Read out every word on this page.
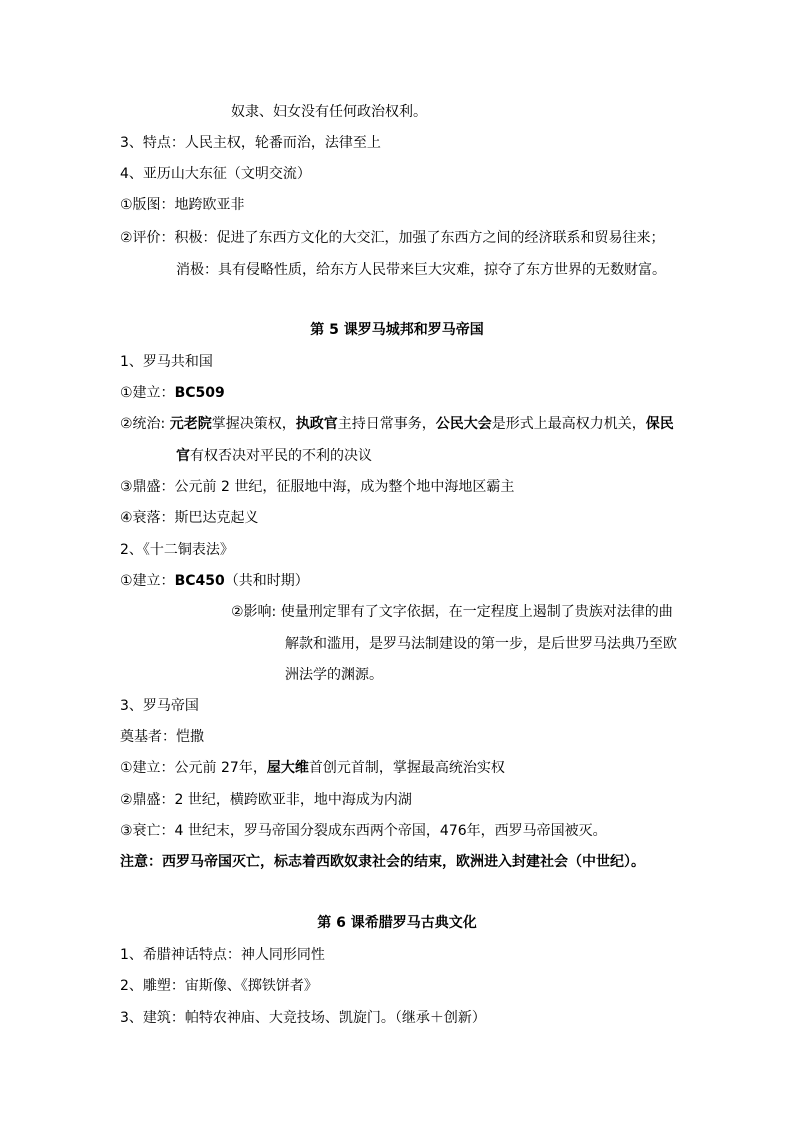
奴隶、妇女没有任何政治权利。
3、特点：人民主权，轮番而治，法律至上
4、亚历山大东征（文明交流）
①版图：地跨欧亚非
②评价：积极：促进了东西方文化的大交汇，加强了东西方之间的经济联系和贸易往来；
消极：具有侵略性质，给东方人民带来巨大灾难，掠夺了东方世界的无数财富。
第 5 课罗马城邦和罗马帝国
1、罗马共和国
①建立：BC509
②统治: 元老院掌握决策权，执政官主持日常事务，公民大会是形式上最高权力机关，保民
官有权否决对平民的不利的决议
③鼎盛：公元前 2 世纪，征服地中海，成为整个地中海地区霸主
④衰落：斯巴达克起义
2、《十二铜表法》
①建立：BC450（共和时期）
②影响: 使量刑定罪有了文字依据，在一定程度上遏制了贵族对法律的曲
解款和滥用，是罗马法制建设的第一步，是后世罗马法典乃至欧
洲法学的渊源。
3、罗马帝国
奠基者：恺撒
①建立：公元前 27年，屋大维首创元首制，掌握最高统治实权
②鼎盛：2 世纪，横跨欧亚非，地中海成为内湖
③衰亡：4 世纪末，罗马帝国分裂成东西两个帝国，476年，西罗马帝国被灭。
注意：西罗马帝国灭亡，标志着西欧奴隶社会的结束，欧洲进入封建社会（中世纪）。
第 6 课希腊罗马古典文化
1、希腊神话特点：神人同形同性
2、雕塑：宙斯像、《掷铁饼者》
3、建筑：帕特农神庙、大竞技场、凯旋门。（继承＋创新）
